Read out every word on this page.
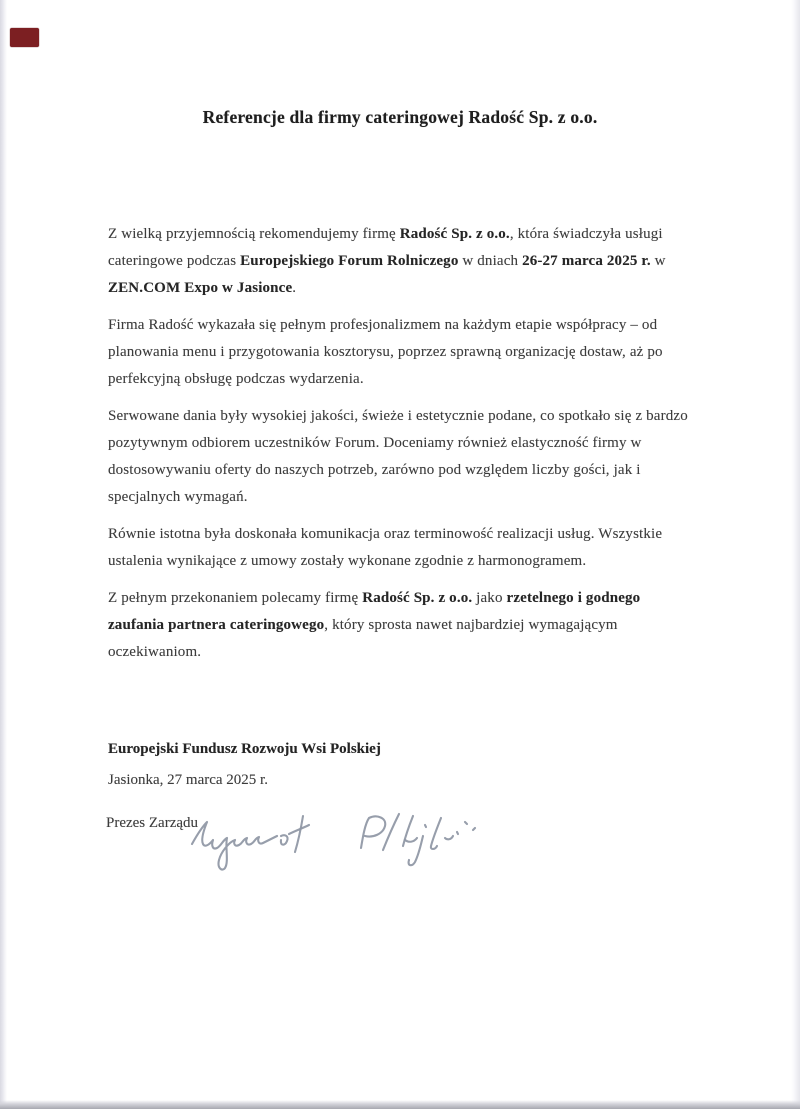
Referencje dla firmy cateringowej Radość Sp. z o.o.

Z wielką przyjemnością rekomendujemy firmę Radość Sp. z o.o., która świadczyła usługi cateringowe podczas Europejskiego Forum Rolniczego w dniach 26-27 marca 2025 r. w ZEN.COM Expo w Jasionce.

Firma Radość wykazała się pełnym profesjonalizmem na każdym etapie współpracy – od planowania menu i przygotowania kosztorysu, poprzez sprawną organizację dostaw, aż po perfekcyjną obsługę podczas wydarzenia.

Serwowane dania były wysokiej jakości, świeże i estetycznie podane, co spotkało się z bardzo pozytywnym odbiorem uczestników Forum. Doceniamy również elastyczność firmy w dostosowywaniu oferty do naszych potrzeb, zarówno pod względem liczby gości, jak i specjalnych wymagań.

Równie istotna była doskonała komunikacja oraz terminowość realizacji usług. Wszystkie ustalenia wynikające z umowy zostały wykonane zgodnie z harmonogramem.

Z pełnym przekonaniem polecamy firmę Radość Sp. z o.o. jako rzetelnego i godnego zaufania partnera cateringowego, który sprosta nawet najbardziej wymagającym oczekiwaniom.

Europejski Fundusz Rozwoju Wsi Polskiej

Jasionka, 27 marca 2025 r.

Prezes Zarządu
